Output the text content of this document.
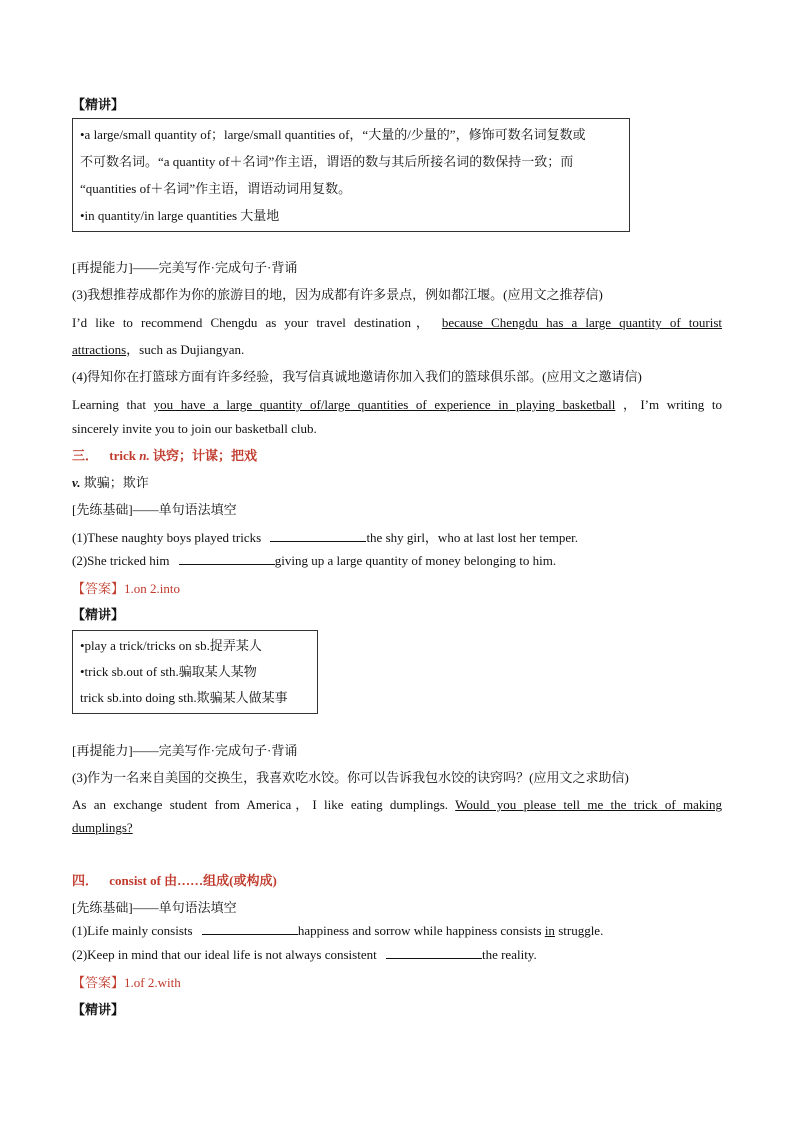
【精讲】
•a large/small quantity of；large/small quantities of，“大量的/少量的”，修饰可数名词复数或
不可数名词。“a quantity of＋名词”作主语，谓语的数与其后所接名词的数保持一致；而
“quantities of＋名词”作主语，谓语动词用复数。
•in quantity/in large quantities 大量地
[再提能力]——完美写作·完成句子·背诵
(3)我想推荐成都作为你的旅游目的地，因为成都有许多景点，例如都江堰。(应用文之推荐信)
I’d like to recommend Chengdu as your travel destination， because Chengdu has a large quantity of tourist
attractions，such as Dujiangyan.
(4)得知你在打篮球方面有许多经验，我写信真诚地邀请你加入我们的篮球俱乐部。(应用文之邀请信)
Learning that you have a large quantity of/large quantities of experience in playing basketball ，I’m writing to
sincerely invite you to join our basketball club.
三． trick n. 诀窍；计谋；把戏
v. 欺骗；欺诈
[先练基础]——单句语法填空
(1)These naughty boys played tricks	the shy girl，who at last lost her temper.
(2)She tricked him	giving up a large quantity of money belonging to him.
【答案】1.on 2.into
【精讲】
•play a trick/tricks on sb.捉弄某人
•trick sb.out of sth.骗取某人某物
trick sb.into doing sth.欺骗某人做某事
[再提能力]——完美写作·完成句子·背诵
(3)作为一名来自美国的交换生，我喜欢吃水饺。你可以告诉我包水饺的诀窍吗？(应用文之求助信)
As an exchange student from America，I like eating dumplings. Would you please tell me the trick of making
dumplings?
四． consist of 由……组成(或构成)
[先练基础]——单句语法填空
(1)Life mainly consists	happiness and sorrow while happiness consists in struggle.
(2)Keep in mind that our ideal life is not always consistent	the reality.
【答案】1.of 2.with
【精讲】
